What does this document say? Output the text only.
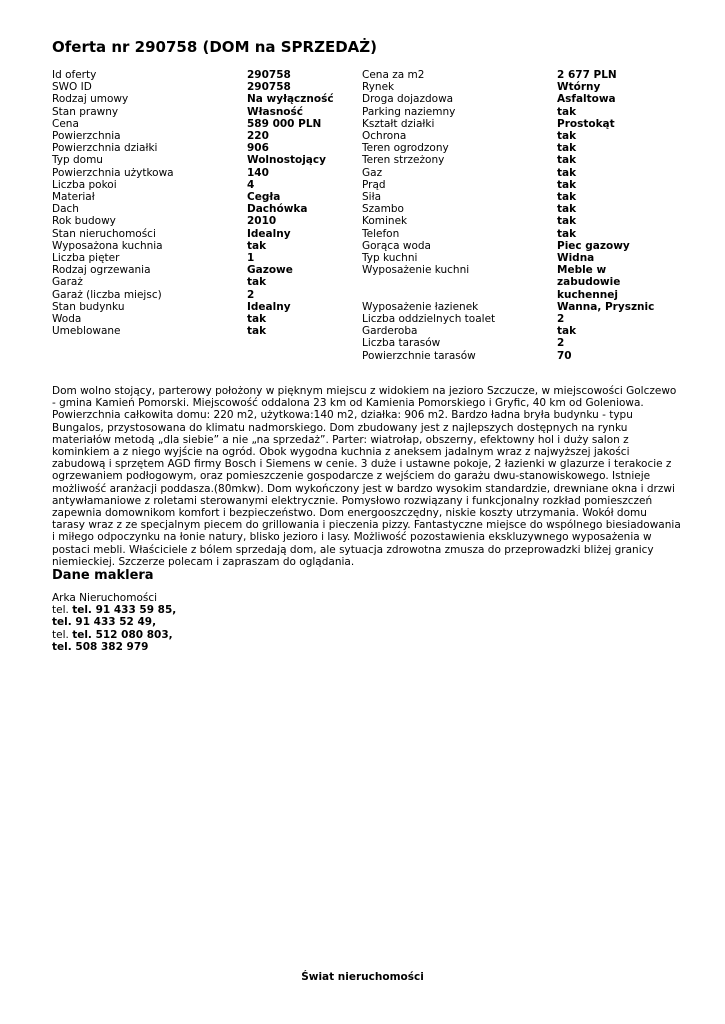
Oferta nr 290758 (DOM na SPRZEDAŻ)
Id oferty	290758
SWO ID	290758
Rodzaj umowy	Na wyłączność
Stan prawny	Własność
Cena	589 000 PLN
Powierzchnia	220
Powierzchnia działki	906
Typ domu	Wolnostojący
Powierzchnia użytkowa	140
Liczba pokoi	4
Materiał	Cegła
Dach	Dachówka
Rok budowy	2010
Stan nieruchomości	Idealny
Wyposażona kuchnia	tak
Liczba pięter	1
Rodzaj ogrzewania	Gazowe
Garaż	tak
Garaż (liczba miejsc)	2
Stan budynku	Idealny
Woda	tak
Umeblowane	tak
Cena za m2	2 677 PLN
Rynek	Wtórny
Droga dojazdowa	Asfaltowa
Parking naziemny	tak
Kształt działki	Prostokąt
Ochrona	tak
Teren ogrodzony	tak
Teren strzeżony	tak
Gaz	tak
Prąd	tak
Siła	tak
Szambo	tak
Kominek	tak
Telefon	tak
Gorąca woda	Piec gazowy
Typ kuchni	Widna
Wyposażenie kuchni	Meble w zabudowie kuchennej
Wyposażenie łazienek	Wanna, Prysznic
Liczba oddzielnych toalet	2
Garderoba	tak
Liczba tarasów	2
Powierzchnie tarasów	70

Dom wolno stojący, parterowy położony w pięknym miejscu z widokiem na jezioro Szczucze, w miejscowości Golczewo - gmina Kamień Pomorski. Miejscowość oddalona 23 km od Kamienia Pomorskiego i Gryfic, 40 km od Goleniowa.

Powierzchnia całkowita domu: 220 m2, użytkowa:140 m2, działka: 906 m2. Bardzo ładna bryła budynku - typu Bungalos, przystosowana do klimatu nadmorskiego. Dom zbudowany jest z najlepszych dostępnych na rynku materiałów metodą „dla siebie” a nie „na sprzedaż”. Parter: wiatrołap, obszerny, efektowny hol i duży salon z kominkiem a z niego wyjście na ogród. Obok wygodna kuchnia z aneksem jadalnym wraz z najwyższej jakości zabudową i sprzętem AGD firmy Bosch i Siemens w cenie. 3 duże i ustawne pokoje, 2 łazienki w glazurze i terakocie z ogrzewaniem podłogowym, oraz pomieszczenie gospodarcze z wejściem do garażu dwu-stanowiskowego. Istnieje możliwość aranżacji poddasza.(80mkw). Dom wykończony jest w bardzo wysokim standardzie, drewniane okna i drzwi antywłamaniowe z roletami sterowanymi elektrycznie. Pomysłowo rozwiązany i funkcjonalny rozkład pomieszczeń zapewnia domownikom komfort i bezpieczeństwo. Dom energooszczędny, niskie koszty utrzymania. Wokół domu tarasy wraz z ze specjalnym piecem do grillowania i pieczenia pizzy. Fantastyczne miejsce do wspólnego biesiadowania i miłego odpoczynku na łonie natury, blisko jezioro i lasy. Możliwość pozostawienia ekskluzywnego wyposażenia w postaci mebli. Właściciele z bólem sprzedają dom, ale sytuacja zdrowotna zmusza do przeprowadzki bliżej granicy niemieckiej. Szczerze polecam i zapraszam do oglądania.

Dane maklera
Arka Nieruchomości
tel. tel. 91 433 59 85,
tel. 91 433 52 49,
tel. tel. 512 080 803,
tel. 508 382 979
Świat nieruchomości
